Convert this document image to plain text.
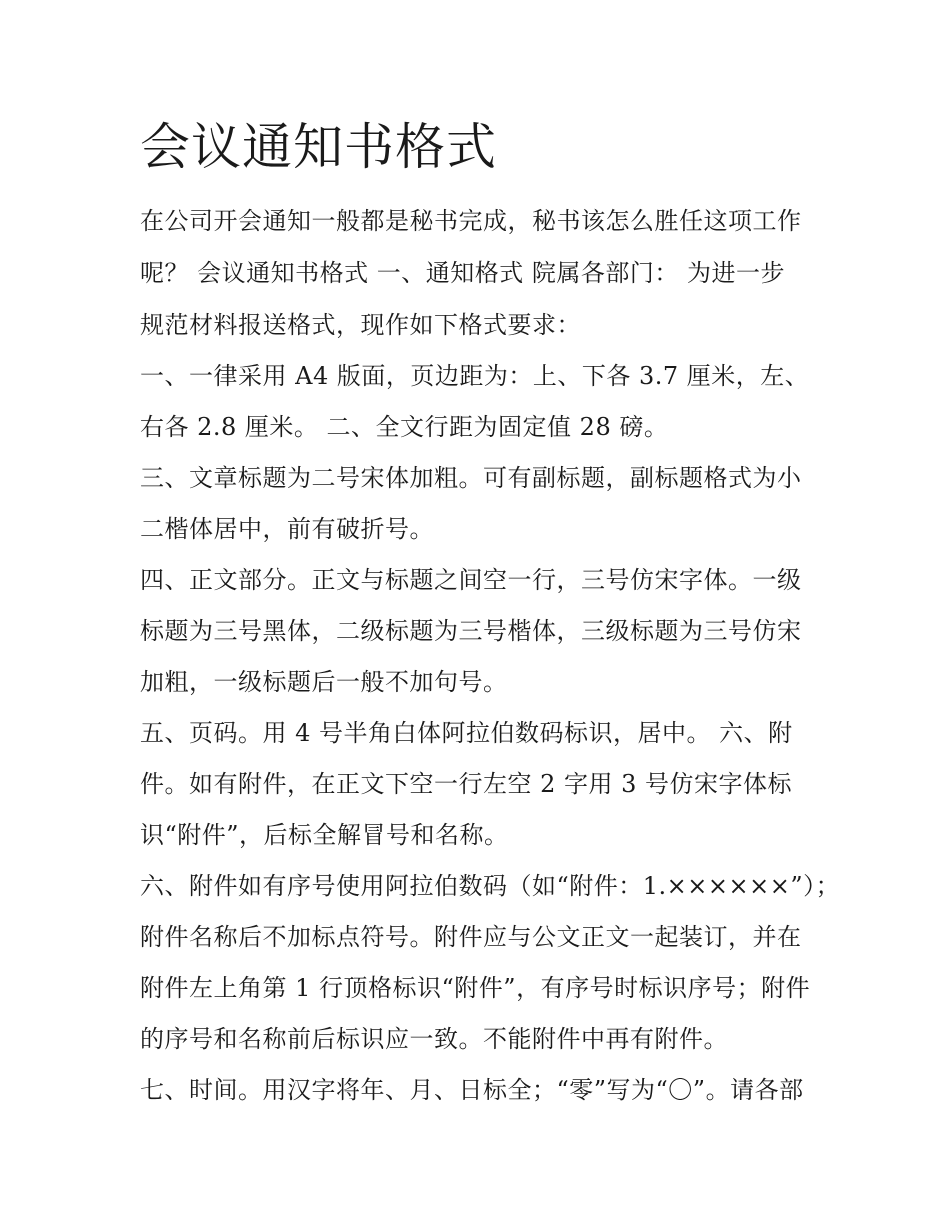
会议通知书格式

在公司开会通知一般都是秘书完成，秘书该怎么胜任这项工作

呢？ 会议通知书格式 一、通知格式 院属各部门： 为进一步

规范材料报送格式，现作如下格式要求：

一、一律采用 A4 版面，页边距为：上、下各 3.7 厘米，左、

右各 2.8 厘米。 二、全文行距为固定值 28 磅。

三、文章标题为二号宋体加粗。可有副标题，副标题格式为小

二楷体居中，前有破折号。

四、正文部分。正文与标题之间空一行，三号仿宋字体。一级

标题为三号黑体，二级标题为三号楷体，三级标题为三号仿宋

加粗，一级标题后一般不加句号。

五、页码。用 4 号半角白体阿拉伯数码标识，居中。 六、附

件。如有附件，在正文下空一行左空 2 字用 3 号仿宋字体标

识“附件”，后标全解冒号和名称。

六、附件如有序号使用阿拉伯数码（如“附件：1.××××××”）；

附件名称后不加标点符号。附件应与公文正文一起装订，并在

附件左上角第 1 行顶格标识“附件”，有序号时标识序号；附件

的序号和名称前后标识应一致。不能附件中再有附件。

七、时间。用汉字将年、月、日标全；“零”写为“〇”。请各部
